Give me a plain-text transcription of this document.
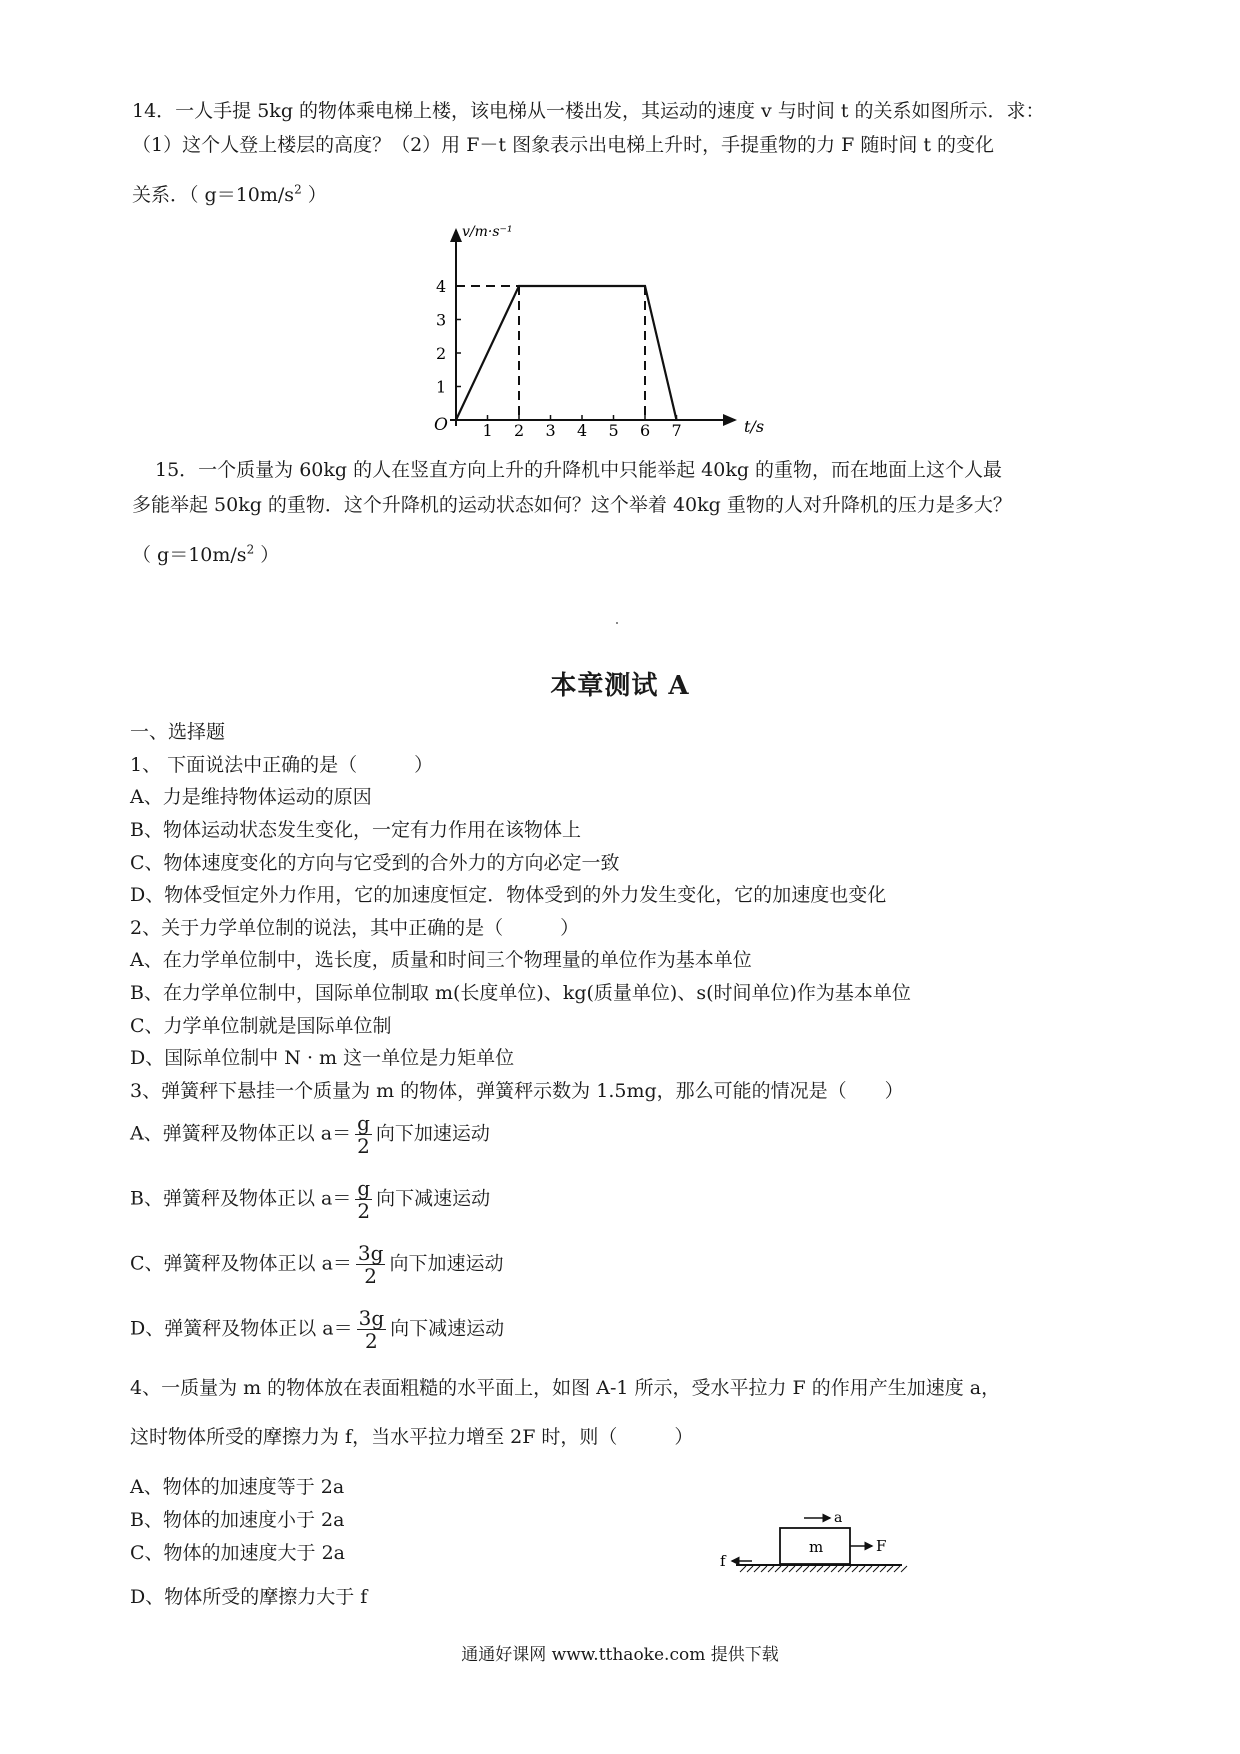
14．一人手提 5kg 的物体乘电梯上楼，该电梯从一楼出发，其运动的速度 v 与时间 t 的关系如图所示．求：
（1）这个人登上楼层的高度？（2）用 F－t 图象表示出电梯上升时，手提重物的力 F 随时间 t 的变化
关系．（ $g=10m/s^2$ ）
1 2 3 4 5 6 7
1
2
3
4
O	t/s
v/m·s⁻¹
15．一个质量为 60kg 的人在竖直方向上升的升降机中只能举起 40kg 的重物，而在地面上这个人最
多能举起 50kg 的重物．这个升降机的运动状态如何？这个举着 40kg 重物的人对升降机的压力是多大？
（ $g=10m/s^2$ ）
本章测试 A
一、选择题
1、 下面说法中正确的是（　　　）
A、力是维持物体运动的原因
B、物体运动状态发生变化，一定有力作用在该物体上
C、物体速度变化的方向与它受到的合外力的方向必定一致
D、物体受恒定外力作用，它的加速度恒定．物体受到的外力发生变化，它的加速度也变化
2、关于力学单位制的说法，其中正确的是（　　　）
A、在力学单位制中，选长度，质量和时间三个物理量的单位作为基本单位
B、在力学单位制中，国际单位制取 m(长度单位)、kg(质量单位)、s(时间单位)作为基本单位
C、力学单位制就是国际单位制
D、国际单位制中 N · m 这一单位是力矩单位
3、弹簧秤下悬挂一个质量为 m 的物体，弹簧秤示数为 1.5mg，那么可能的情况是（　　）
A、弹簧秤及物体正以 $a= \frac{g}{2}$ 向下加速运动
B、弹簧秤及物体正以 $a= \frac{g}{2}$ 向下减速运动
C、弹簧秤及物体正以 $a= \frac{3g}{2}$ 向下加速运动
D、弹簧秤及物体正以 $a= \frac{3g}{2}$ 向下减速运动
4、一质量为 m 的物体放在表面粗糙的水平面上，如图 A-1 所示，受水平拉力 F 的作用产生加速度 a，
这时物体所受的摩擦力为 f，当水平拉力增至 2F 时，则（　　　）
A、物体的加速度等于 2a
B、物体的加速度小于 2a
C、物体的加速度大于 2a
D、物体所受的摩擦力大于 f
a
m	F
f
通通好课网 www.tthaoke.com 提供下载
